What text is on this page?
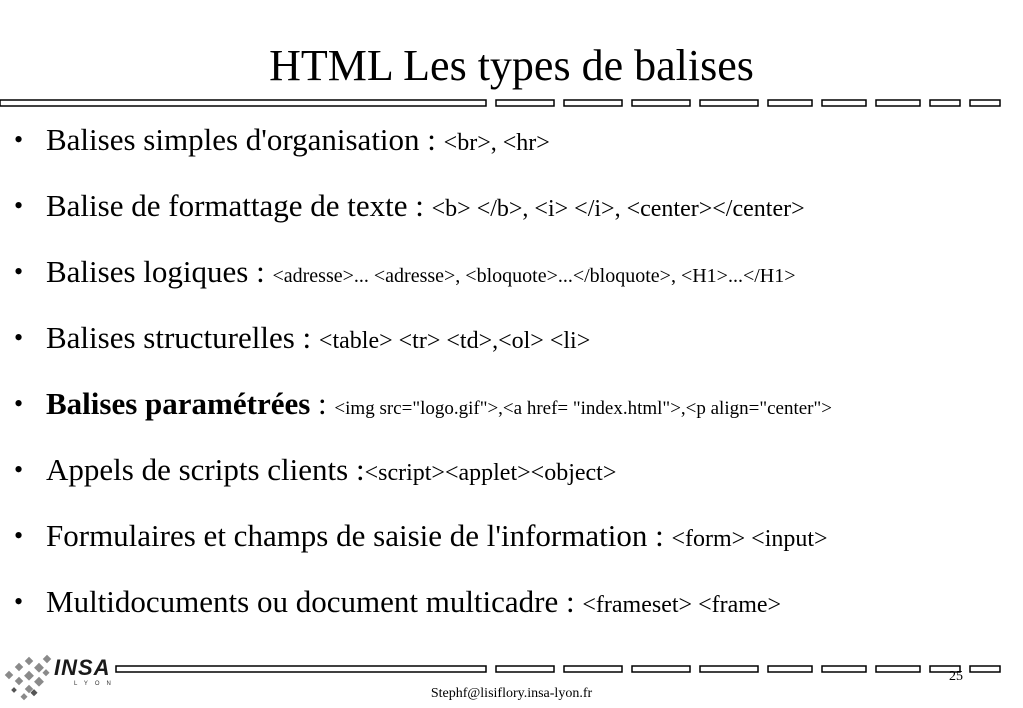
HTML Les types de balises
• Balises simples d'organisation : <br>, <hr>
• Balise de formattage de texte : <b> </b>, <i> </i>, <center></center>
• Balises logiques : <adresse>... <adresse>, <bloquote>...</bloquote>, <H1>...</H1>
• Balises structurelles : <table> <tr> <td>,<ol> <li>
• Balises paramétrées : <img src="logo.gif">,<a href= "index.html">,<p align="center">
• Appels de scripts clients :<script><applet><object>
• Formulaires et champs de saisie de l'information : <form> <input>
• Multidocuments ou document multicadre : <frameset> <frame>
INSA
LYON
Stephf@lisiflory.insa-lyon.fr
25
